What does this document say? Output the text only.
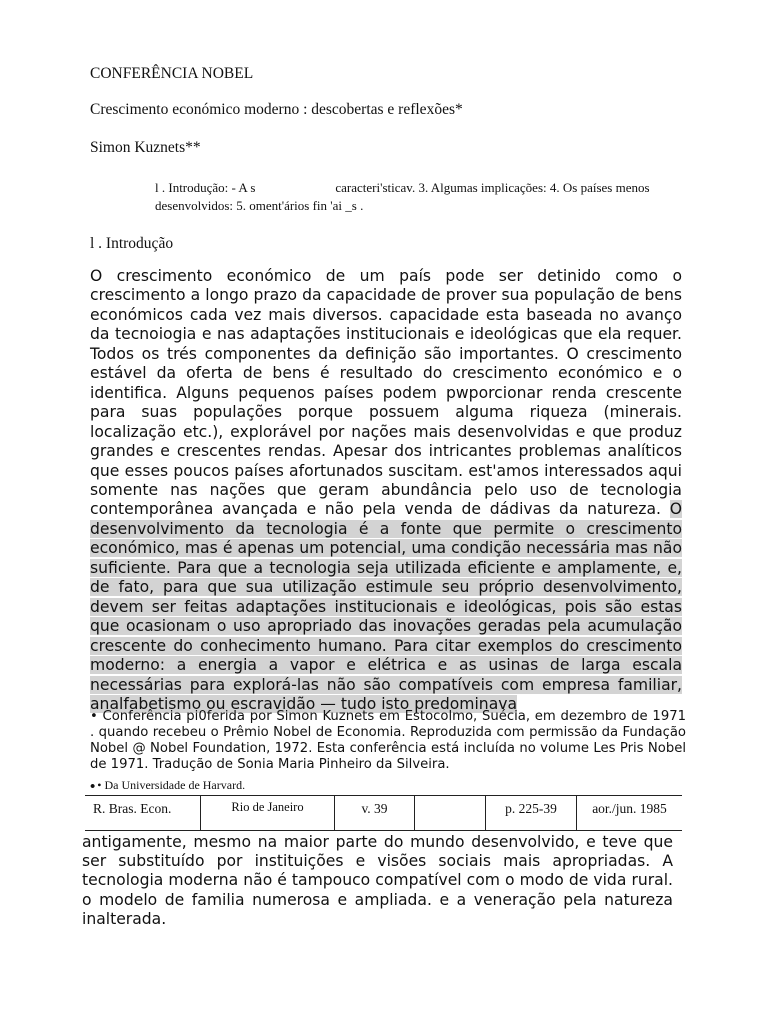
CONFERÊNCIA NOBEL
Crescimento económico moderno : descobertas e reflexões*
Simon Kuznets**
l . Introdução: - A s	caracteri'sticav. 3. Algumas implicações: 4. Os países menos desenvolvidos: 5. oment'ários fin 'ai _s .
l . Introdução

O crescimento económico de um país pode ser detinido como o crescimento a longo prazo da capacidade de prover sua população de bens económicos cada vez mais diversos. capacidade esta baseada no avanço da tecnoiogia e nas adaptações institucionais e ideológicas que ela requer. Todos os trés componentes da definição são importantes. O crescimento estável da oferta de bens é resultado do crescimento económico e o identifica. Alguns pequenos países podem pwporcionar renda crescente para suas populações porque possuem alguma riqueza (minerais. localização etc.), explorável por nações mais desenvolvidas e que produz grandes e crescentes rendas. Apesar dos intricantes problemas analíticos que esses poucos países afortunados suscitam. est'amos interessados aqui somente nas nações que geram abundância pelo uso de tecnologia contemporânea avançada e não pela venda de dádivas da natureza. O desenvolvimento da tecnologia é a fonte que permite o crescimento económico, mas é apenas um potencial, uma condição necessária mas não suficiente. Para que a tecnologia seja utilizada eficiente e amplamente, e, de fato, para que sua utilização estimule seu próprio desenvolvimento, devem ser feitas adaptações institucionais e ideológicas, pois são estas que ocasionam o uso apropriado das inovações geradas pela acumulação crescente do conhecimento humano. Para citar exemplos do crescimento moderno: a energia a vapor e elétrica e as usinas de larga escala necessárias para explorá-las não são compatíveis com empresa familiar, analfabetismo ou escravidão — tudo isto predominava

• Conferência pi0ferida por Simon Kuznets em Estocolmo, Suécia, em dezembro de 1971 . quando recebeu o Prêmio Nobel de Economia. Reproduzida com permissão da Fundação Nobel @ Nobel Foundation, 1972. Esta conferência está incluída no volume Les Pris Nobel de 1971. Tradução de Sonia Maria Pinheiro da Silveira.

• • Da Universidade de Harvard.

R. Bras. Econ.	Rio de Janeiro	v. 39	p. 225-39	aor./jun. 1985

antigamente, mesmo na maior parte do mundo desenvolvido, e teve que ser substituído por instituições e visões sociais mais apropriadas. A tecnologia moderna não é tampouco compatível com o modo de vida rural. o modelo de familia numerosa e ampliada. e a veneração pela natureza inalterada.
